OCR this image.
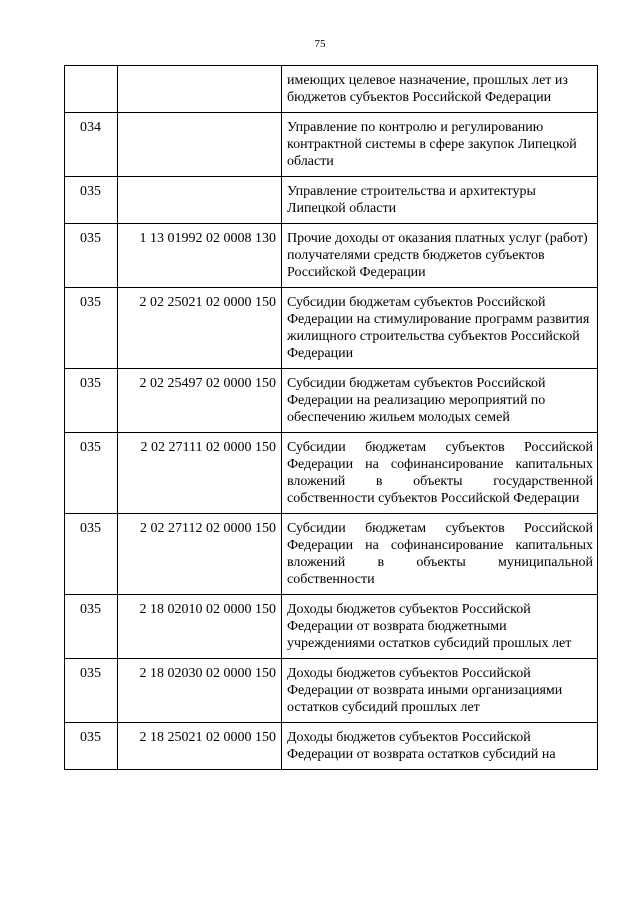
75
		имеющих целевое назначение, прошлых лет из бюджетов субъектов Российской Федерации
034		Управление по контролю и регулированию контрактной системы в сфере закупок Липецкой области
035		Управление строительства и архитектуры Липецкой области
035	1 13 01992 02 0008 130	Прочие доходы от оказания платных услуг (работ) получателями средств бюджетов субъектов Российской Федерации
035	2 02 25021 02 0000 150	Субсидии бюджетам субъектов Российской Федерации на стимулирование программ развития жилищного строительства субъектов Российской Федерации
035	2 02 25497 02 0000 150	Субсидии бюджетам субъектов Российской Федерации на реализацию мероприятий по обеспечению жильем молодых семей
035	2 02 27111 02 0000 150	Субсидии бюджетам субъектов Российской Федерации на софинансирование капитальных вложений в объекты государственной собственности субъектов Российской Федерации
035	2 02 27112 02 0000 150	Субсидии бюджетам субъектов Российской Федерации на софинансирование капитальных вложений в объекты муниципальной собственности
035	2 18 02010 02 0000 150	Доходы бюджетов субъектов Российской Федерации от возврата бюджетными учреждениями остатков субсидий прошлых лет
035	2 18 02030 02 0000 150	Доходы бюджетов субъектов Российской Федерации от возврата иными организациями остатков субсидий прошлых лет
035	2 18 25021 02 0000 150	Доходы бюджетов субъектов Российской Федерации от возврата остатков субсидий на
